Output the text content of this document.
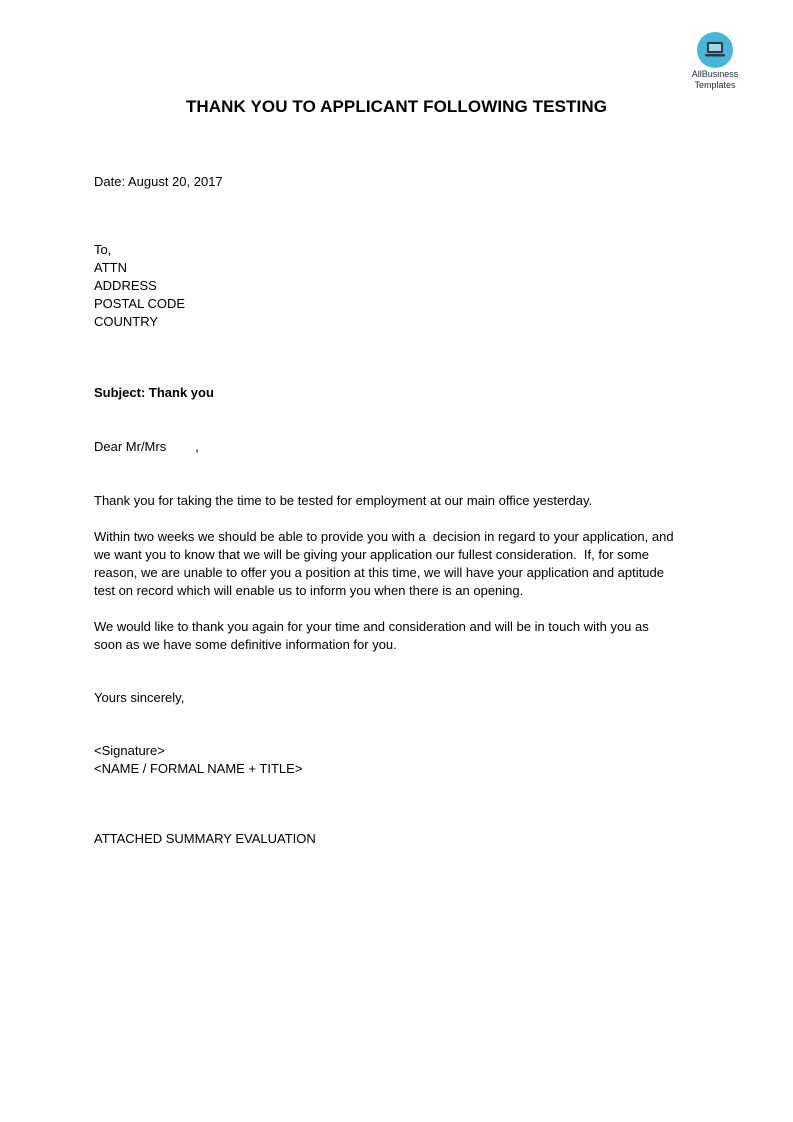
AllBusiness
Templates
THANK YOU TO APPLICANT FOLLOWING TESTING
Date: August 20, 2017
To,
ATTN
ADDRESS
POSTAL CODE
COUNTRY
Subject: Thank you
Dear Mr/Mrs        ,
Thank you for taking the time to be tested for employment at our main office yesterday.
Within two weeks we should be able to provide you with a  decision in regard to your application, and
we want you to know that we will be giving your application our fullest consideration.  If, for some
reason, we are unable to offer you a position at this time, we will have your application and aptitude
test on record which will enable us to inform you when there is an opening.
We would like to thank you again for your time and consideration and will be in touch with you as
soon as we have some definitive information for you.
Yours sincerely,
<Signature>
<NAME / FORMAL NAME + TITLE>
ATTACHED SUMMARY EVALUATION
